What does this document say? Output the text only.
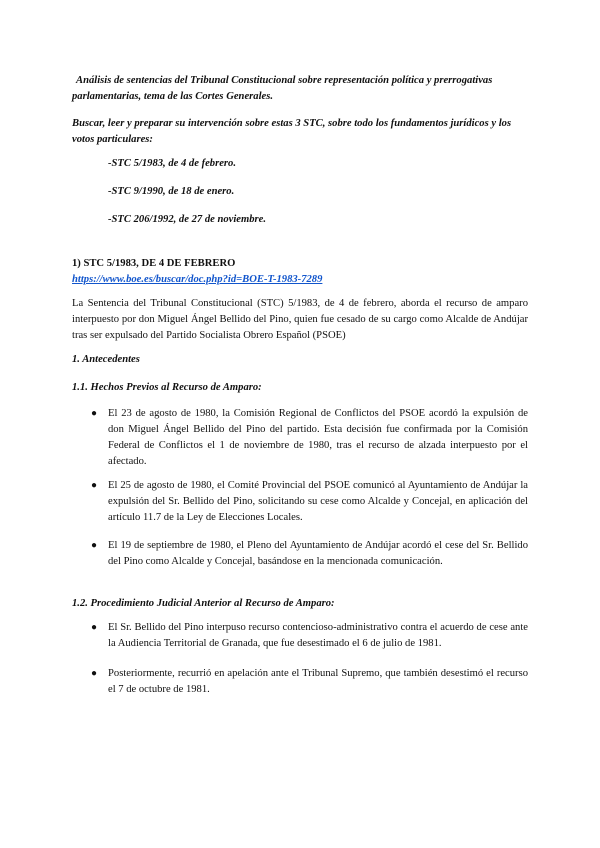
Análisis de sentencias del Tribunal Constitucional sobre representación política y prerrogativas parlamentarias, tema de las Cortes Generales.
Buscar, leer y preparar su intervención sobre estas 3 STC, sobre todo los fundamentos jurídicos y los votos particulares:
-STC 5/1983, de 4 de febrero.
-STC 9/1990, de 18 de enero.
-STC 206/1992, de 27 de noviembre.
1) STC 5/1983, DE 4 DE FEBRERO
https://www.boe.es/buscar/doc.php?id=BOE-T-1983-7289
La Sentencia del Tribunal Constitucional (STC) 5/1983, de 4 de febrero, aborda el recurso de amparo interpuesto por don Miguel Ángel Bellido del Pino, quien fue cesado de su cargo como Alcalde de Andújar tras ser expulsado del Partido Socialista Obrero Español (PSOE)
1. Antecedentes
1.1. Hechos Previos al Recurso de Amparo:
● El 23 de agosto de 1980, la Comisión Regional de Conflictos del PSOE acordó la expulsión de don Miguel Ángel Bellido del Pino del partido. Esta decisión fue confirmada por la Comisión Federal de Conflictos el 1 de noviembre de 1980, tras el recurso de alzada interpuesto por el afectado.
● El 25 de agosto de 1980, el Comité Provincial del PSOE comunicó al Ayuntamiento de Andújar la expulsión del Sr. Bellido del Pino, solicitando su cese como Alcalde y Concejal, en aplicación del artículo 11.7 de la Ley de Elecciones Locales.
● El 19 de septiembre de 1980, el Pleno del Ayuntamiento de Andújar acordó el cese del Sr. Bellido del Pino como Alcalde y Concejal, basándose en la mencionada comunicación.
1.2. Procedimiento Judicial Anterior al Recurso de Amparo:
● El Sr. Bellido del Pino interpuso recurso contencioso-administrativo contra el acuerdo de cese ante la Audiencia Territorial de Granada, que fue desestimado el 6 de julio de 1981.
● Posteriormente, recurrió en apelación ante el Tribunal Supremo, que también desestimó el recurso el 7 de octubre de 1981.
